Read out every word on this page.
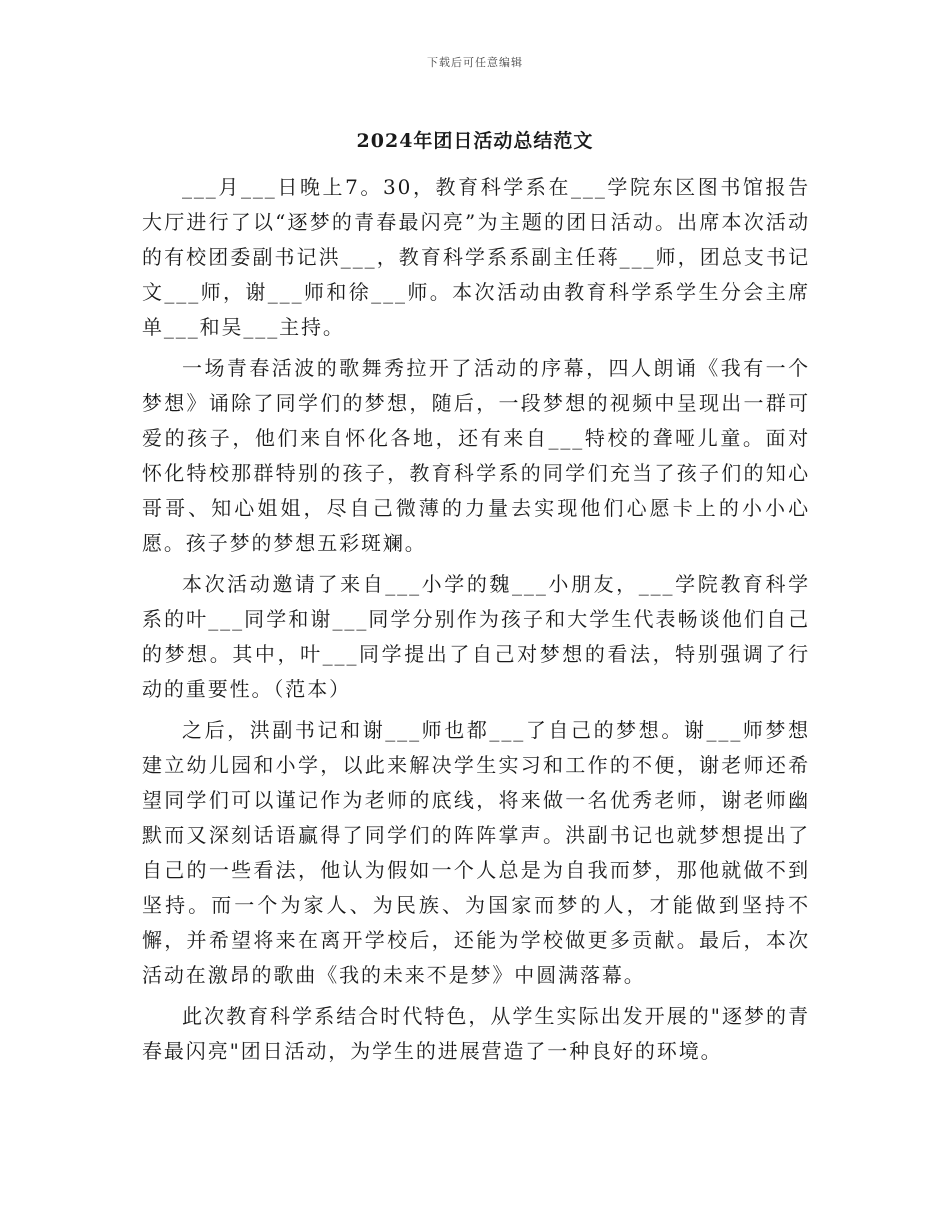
下载后可任意编辑
2024年团日活动总结范文

___月___日晚上7。30，教育科学系在___学院东区图书馆报告大厅进行了以“逐梦的青春最闪亮”为主题的团日活动。出席本次活动的有校团委副书记洪___，教育科学系系副主任蒋___师，团总支书记文___师，谢___师和徐___师。本次活动由教育科学系学生分会主席单___和吴___主持。

一场青春活波的歌舞秀拉开了活动的序幕，四人朗诵《我有一个梦想》诵除了同学们的梦想，随后，一段梦想的视频中呈现出一群可爱的孩子，他们来自怀化各地，还有来自___特校的聋哑儿童。面对怀化特校那群特别的孩子，教育科学系的同学们充当了孩子们的知心哥哥、知心姐姐，尽自己微薄的力量去实现他们心愿卡上的小小心愿。孩子梦的梦想五彩斑斓。

本次活动邀请了来自___小学的魏___小朋友，___学院教育科学系的叶___同学和谢___同学分别作为孩子和大学生代表畅谈他们自己的梦想。其中，叶___同学提出了自己对梦想的看法，特别强调了行动的重要性。（范本）

之后，洪副书记和谢___师也都___了自己的梦想。谢___师梦想建立幼儿园和小学，以此来解决学生实习和工作的不便，谢老师还希望同学们可以谨记作为老师的底线，将来做一名优秀老师，谢老师幽默而又深刻话语赢得了同学们的阵阵掌声。洪副书记也就梦想提出了自己的一些看法，他认为假如一个人总是为自我而梦，那他就做不到坚持。而一个为家人、为民族、为国家而梦的人，才能做到坚持不懈，并希望将来在离开学校后，还能为学校做更多贡献。最后，本次活动在激昂的歌曲《我的未来不是梦》中圆满落幕。

此次教育科学系结合时代特色，从学生实际出发开展的"逐梦的青春最闪亮"团日活动，为学生的进展营造了一种良好的环境。
